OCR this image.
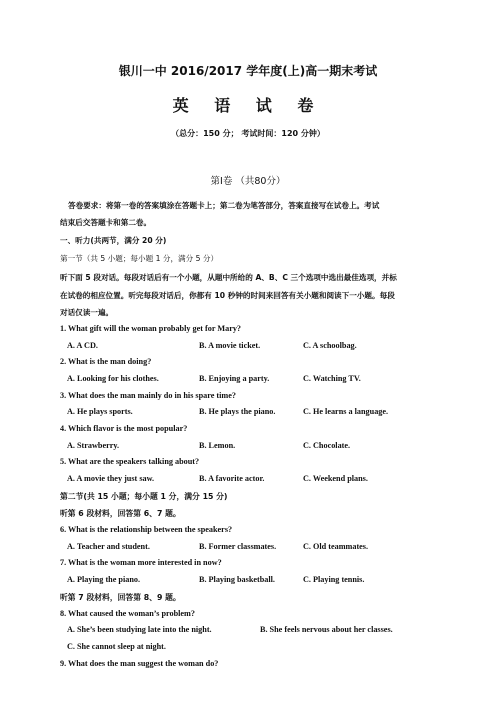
银川一中 2016/2017 学年度(上)高一期末考试
英 语 试 卷
（总分：150 分； 考试时间：120 分钟）
第Ⅰ卷 （共80分）
答卷要求：将第一卷的答案填涂在答题卡上；第二卷为笔答部分，答案直接写在试卷上。考试
结束后交答题卡和第二卷。
一、听力(共两节，满分 20 分)
第一节（共 5 小题；每小题 1 分，满分 5 分）
听下面 5 段对话。每段对话后有一个小题，从题中所给的 A、B、C 三个选项中选出最佳选项，并标
在试卷的相应位置。听完每段对话后，你都有 10 秒钟的时间来回答有关小题和阅读下一小题。每段
对话仅读一遍。
1. What gift will the woman probably get for Mary?
A. A CD.	B. A movie ticket.	C. A schoolbag.
2. What is the man doing?
A. Looking for his clothes.	B. Enjoying a party.	C. Watching TV.
3. What does the man mainly do in his spare time?
A. He plays sports.	B. He plays the piano.	C. He learns a language.
4. Which flavor is the most popular?
A. Strawberry.	B. Lemon.	C. Chocolate.
5. What are the speakers talking about?
A. A movie they just saw.	B. A favorite actor.	C. Weekend plans.
第二节(共 15 小题；每小题 1 分，满分 15 分)
听第 6 段材料，回答第 6、7 题。
6. What is the relationship between the speakers?
A. Teacher and student.	B. Former classmates.	C. Old teammates.
7. What is the woman more interested in now?
A. Playing the piano.	B. Playing basketball.	C. Playing tennis.
听第 7 段材料，回答第 8、9 题。
8. What caused the woman’s problem?
A. She’s been studying late into the night.	B. She feels nervous about her classes.
C. She cannot sleep at night.
9. What does the man suggest the woman do?
